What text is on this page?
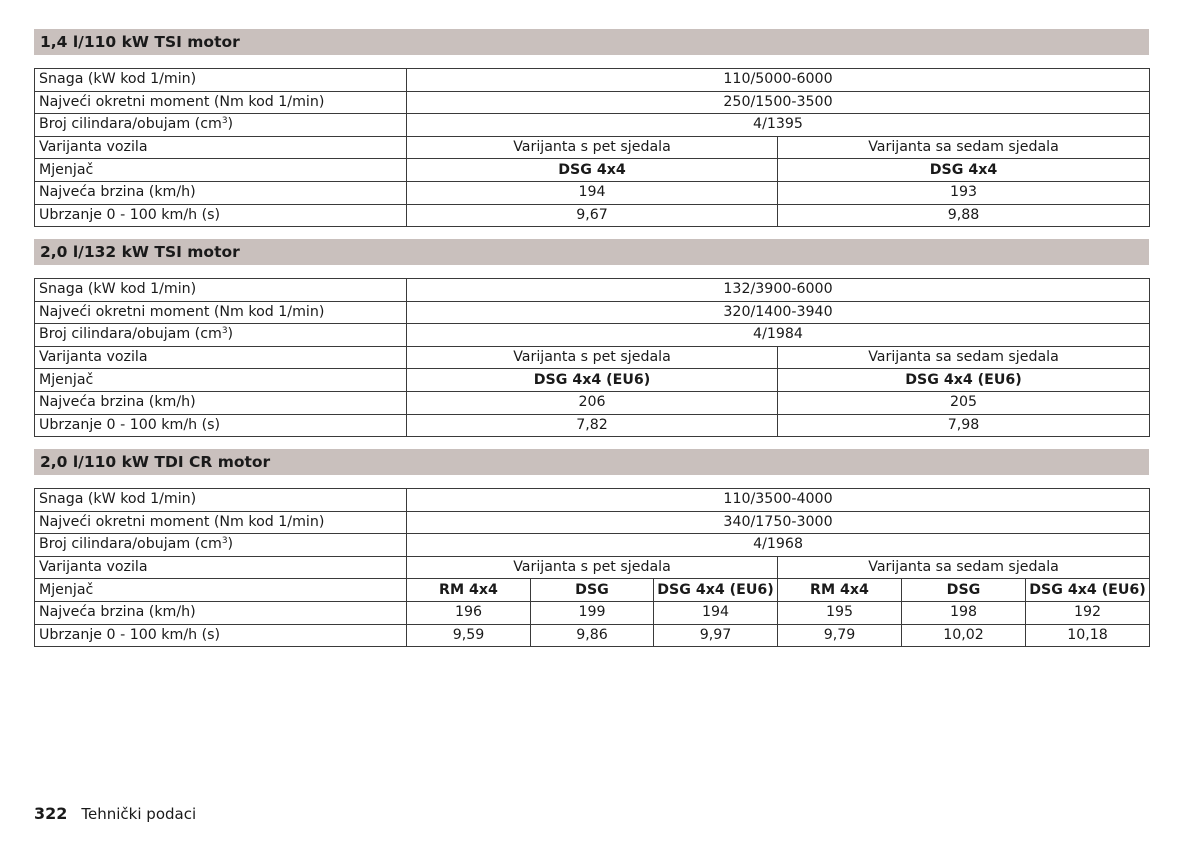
1,4 l/110 kW TSI motor
Snaga (kW kod 1/min)	110/5000-6000	
Najveći okretni moment (Nm kod 1/min)	250/1500-3500	
Broj cilindara/obujam $(cm^3)$	4/1395	
Varijanta vozila	Varijanta s pet sjedala	Varijanta sa sedam sjedala
Mjenjač	DSG 4x4	DSG 4x4
Najveća brzina (km/h)	194	193
Ubrzanje 0 - 100 km/h (s)	9,67	9,88
2,0 l/132 kW TSI motor
Snaga (kW kod 1/min)	132/3900-6000	
Najveći okretni moment (Nm kod 1/min)	320/1400-3940	
Broj cilindara/obujam $(cm^3)$	4/1984	
Varijanta vozila	Varijanta s pet sjedala	Varijanta sa sedam sjedala
Mjenjač	DSG 4x4 (EU6)	DSG 4x4 (EU6)
Najveća brzina (km/h)	206	205
Ubrzanje 0 - 100 km/h (s)	7,82	7,98
2,0 l/110 kW TDI CR motor
Snaga (kW kod 1/min)	110/3500-4000					
Najveći okretni moment (Nm kod 1/min)	340/1750-3000					
Broj cilindara/obujam $(cm^3)$	4/1968					
Varijanta vozila	Varijanta s pet sjedala			Varijanta sa sedam sjedala		
Mjenjač	RM 4x4	DSG	DSG 4x4 (EU6)	RM 4x4	DSG	DSG 4x4 (EU6)
Najveća brzina (km/h)	196	199	194	195	198	192
Ubrzanje 0 - 100 km/h (s)	9,59	9,86	9,97	9,79	10,02	10,18
322 Tehnički podaci
